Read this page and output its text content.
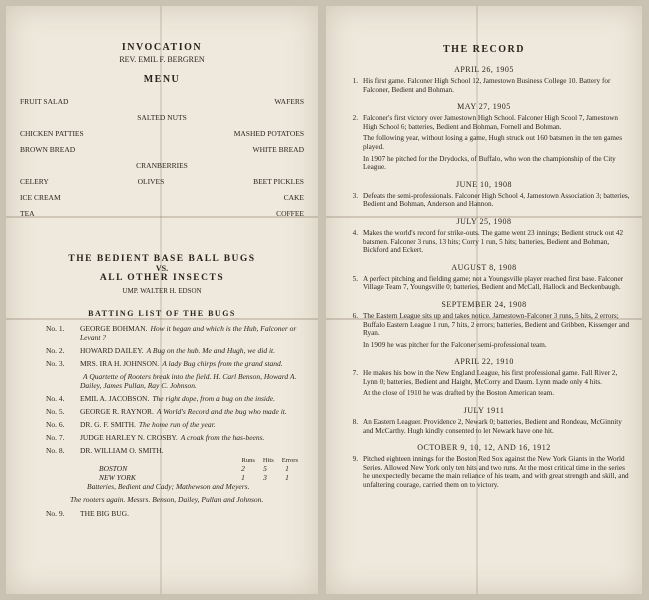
INVOCATION
REV. EMIL F. BERGREN
MENU
FRUIT SALAD	WAFERS
SALTED NUTS
CHICKEN PATTIES	MASHED POTATOES
BROWN BREAD	WHITE BREAD
CRANBERRIES
CELERY	OLIVES	BEET PICKLES
ICE CREAM	CAKE
TEA	COFFEE
THE BEDIENT BASE BALL BUGS
VS.
ALL OTHER INSECTS
UMP. WALTER H. EDSON
BATTING LIST OF THE BUGS
No. 1.	GEORGE BOHMAN. How it began and which is the Hub, Falconer or Levant ?
No. 2.	HOWARD DAILEY. A Bug on the hub. Me and Hugh, we did it.
No. 3.	MRS. IRA H. JOHNSON. A lady Bug chirps from the grand stand.
A Quartette of Rooters break into the field. H. Carl Benson, Howard A. Dailey, James Pullan, Ray C. Johnson.
No. 4.	EMIL A. JACOBSON. The right dope, from a bug on the inside.
No. 5.	GEORGE R. RAYNOR. A World's Record and the bug who made it.
No. 6.	DR. G. F. SMITH. The home run of the year.
No. 7.	JUDGE HARLEY N. CROSBY. A croak from the has-beens.
No. 8.	DR. WILLIAM O. SMITH.
Runs Hits Errors
BOSTON	2	5	1
NEW YORK	1	3	1
Batteries, Bedient and Cady; Mathewson and Meyers.
The rooters again. Messrs. Benson, Dailey, Pullan and Johnson.
No. 9.	THE BIG BUG.
THE RECORD
APRIL 26, 1905
1. His first game. Falconer High School 12, Jamestown Business College 10. Battery for Falconer, Bedient and Bohman.

MAY 27, 1905
2. Falconer's first victory over Jamestown High School. Falconer High Scool 7, Jamestown High School 6; batteries, Bedient and Bohman, Fornell and Bohman.

The following year, without losing a game, Hugh struck out 160 batsmen in the ten games played.

In 1907 he pitched for the Drydocks, of Buffalo, who won the championship of the City League.

JUNE 10, 1908
3. Defeats the semi-professionals. Falconer High School 4, Jamestown Association 3; batteries, Bedient and Bohman, Anderson and Hannon.

JULY 25, 1908
4. Makes the world's record for strike-outs. The game went 23 innings; Bedient struck out 42 batsmen. Falconer 3 runs, 13 hits; Corry 1 run, 5 hits; batteries, Bedient and Bohman, Bickford and Eckert.

AUGUST 8, 1908
5. A perfect pitching and fielding game; not a Youngsville player reached first base. Falconer Village Team 7, Youngsville 0; batteries, Bedient and McCall, Hallock and Beckenbaugh.

SEPTEMBER 24, 1908
6. The Eastern League sits up and takes notice. Jamestown-Falconer 3 runs, 5 hits, 2 errors; Buffalo Eastern League 1 run, 7 hits, 2 errors; batteries, Bedient and Gribben, Kissenger and Ryan.

In 1909 he was pitcher for the Falconer semi-professional team.

APRIL 22, 1910
7. He makes his bow in the New England League, his first professional game. Fall River 2, Lynn 0; batteries, Bedient and Haight, McCorry and Daum. Lynn made only 4 hits.

At the close of 1910 he was drafted by the Boston American team.

JULY 1911
8. An Eastern Leaguer. Providence 2, Newark 0; batteries, Bedient and Rondeau, McGinnity and McCarthy. Hugh kindly consented to let Newark have one hit.

OCTOBER 9, 10, 12, AND 16, 1912
9. Pitched eighteen innings for the Boston Red Sox against the New York Giants in the World Series. Allowed New York only ten hits and two runs. At the most critical time in the series he unexpectedly became the main reliance of his team, and with great strength and skill, and unfaltering courage, carried them on to victory.
